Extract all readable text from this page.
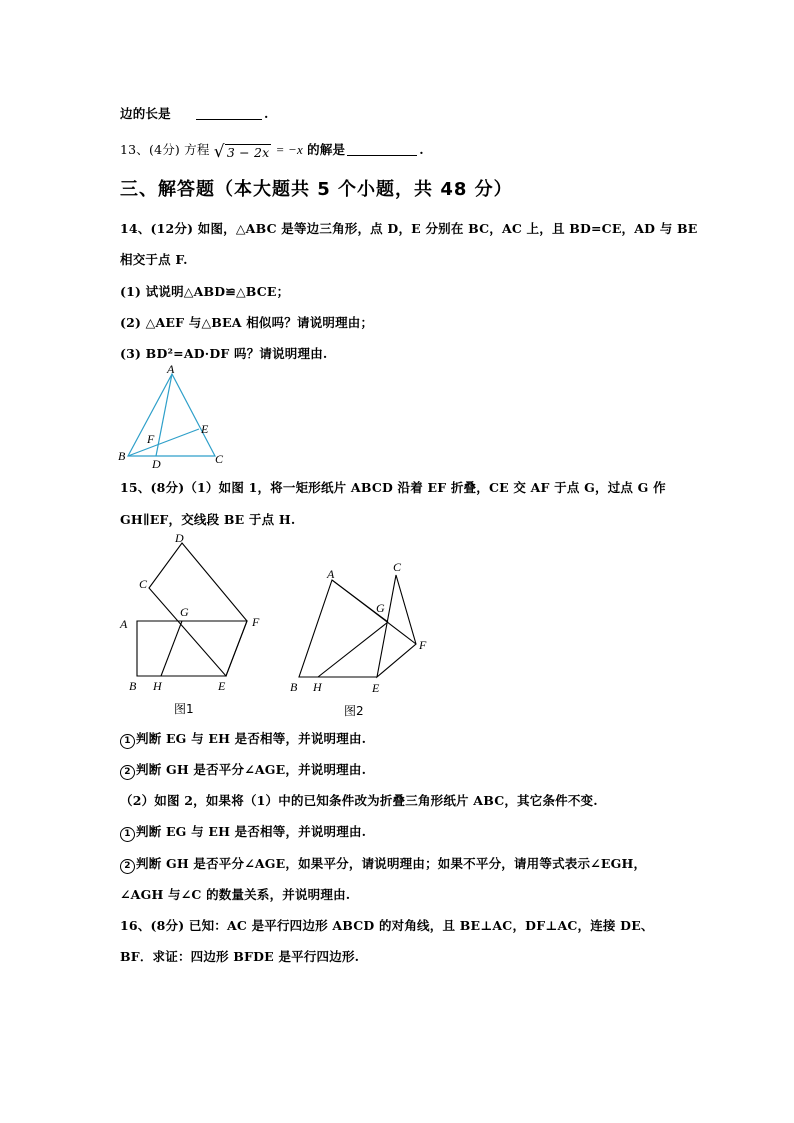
边的长是	.
13、(4分) 方程 √ 3 − 2x = −x 的解是	.
三、解答题（本大题共 5 个小题，共 48 分）
14、(12分) 如图，△ABC 是等边三角形，点 D，E 分别在 BC，AC 上，且 BD=CE，AD 与 BE
相交于点 F.
(1) 试说明△ABD≌△BCE；
(2) △AEF 与△BEA 相似吗？请说明理由；
(3) BD²=AD·DF 吗？请说明理由.
A
B	C
D
E
F
15、(8分)（1）如图 1，将一矩形纸片 ABCD 沿着 EF 折叠，CE 交 AF 于点 G，过点 G 作
GH∥EF，交线段 BE 于点 H.
D
C
A
G
F
B H	E
图1
A	C
G
F
B H	E
图2
1 判断 EG 与 EH 是否相等，并说明理由.
2 判断 GH 是否平分∠AGE，并说明理由.
（2）如图 2，如果将（1）中的已知条件改为折叠三角形纸片 ABC，其它条件不变.
1 判断 EG 与 EH 是否相等，并说明理由.
2 判断 GH 是否平分∠AGE，如果平分，请说明理由；如果不平分，请用等式表示∠EGH，
∠AGH 与∠C 的数量关系，并说明理由.
16、(8分) 已知：AC 是平行四边形 ABCD 的对角线，且 BE⊥AC，DF⊥AC，连接 DE、
BF．求证：四边形 BFDE 是平行四边形.
